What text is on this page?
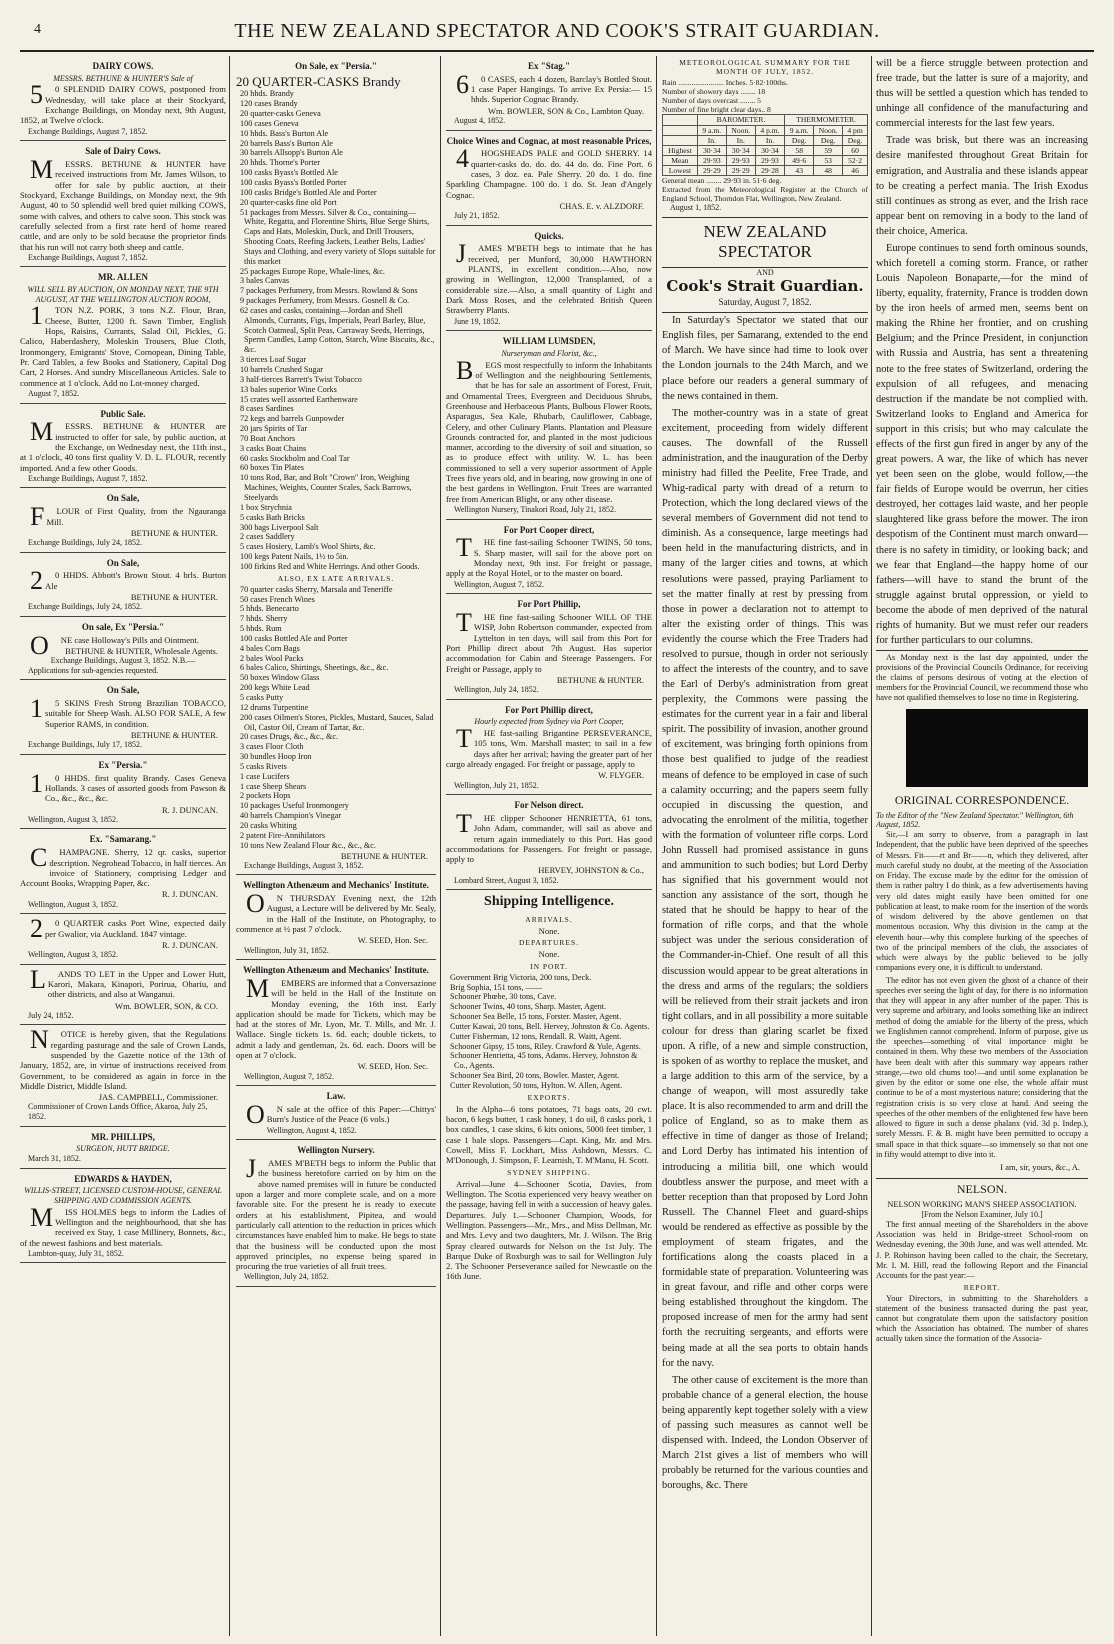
4	THE NEW ZEALAND SPECTATOR AND COOK'S STRAIT GUARDIAN.
DAIRY COWS.
MESSRS. BETHUNE & HUNTER'S Sale of
50 SPLENDID DAIRY COWS, postponed from Wednesday, will take place at their Stockyard, Exchange Buildings, on Monday next, 9th August, 1852, at Twelve o'clock.
Exchange Buildings, August 7, 1852.
Sale of Dairy Cows.
MESSRS. BETHUNE & HUNTER have received instructions from Mr. James Wilson, to offer for sale by public auction, at their Stockyard, Exchange Buildings, on Monday next, the 9th August, 40 to 50 splendid well bred quiet milking COWS, some with calves, and others to calve soon. This stock was carefully selected from a first rate herd of home reared cattle, and are only to be sold because the proprietor finds that his run will not carry both sheep and cattle.
Exchange Buildings, August 7, 1852.
MR. ALLEN
WILL SELL BY AUCTION, ON MONDAY NEXT, THE 9TH AUGUST, AT THE WELLINGTON AUCTION ROOM,
1TON N.Z. PORK, 3 tons N.Z. Flour, Bran, Cheese, Butter, 1200 ft. Sawn Timber, English Hops, Raisins, Currants, Salad Oil, Pickles, G. Calico, Haberdashery, Moleskin Trousers, Blue Cloth, Ironmongery, Emigrants' Stove, Cornopean, Dining Table, Pr. Card Tables, a few Books and Stationery, Capital Dog Cart, 2 Horses. And sundry Miscellaneous Articles. Sale to commence at 1 o'clock. Add no Lot-money charged.
August 7, 1852.
Public Sale.
MESSRS. BETHUNE & HUNTER are instructed to offer for sale, by public auction, at the Exchange, on Wednesday next, the 11th inst., at 1 o'clock, 40 tons first quality V. D. L. FLOUR, recently imported. And a few other Goods.
Exchange Buildings, August 7, 1852.
On Sale,
FLOUR of First Quality, from the Ngauranga Mill.
BETHUNE & HUNTER.
Exchange Buildings, July 24, 1852.
On Sale,
20 HHDS. Abbott's Brown Stout. 4 brls. Burton Ale
BETHUNE & HUNTER.
Exchange Buildings, July 24, 1852.
On sale, Ex "Persia."
ONE case Holloway's Pills and Ointment.
BETHUNE & HUNTER, Wholesale Agents.
Exchange Buildings, August 3, 1852. N.B.—Applications for sub-agencies requested.
On Sale,
15 SKINS Fresh Strong Brazilian TOBACCO, suitable for Sheep Wash. ALSO FOR SALE, A few Superior RAMS, in condition.
BETHUNE & HUNTER.
Exchange Buildings, July 17, 1852.
Ex "Persia."
10 HHDS. first quality Brandy. Cases Geneva Hollands. 3 cases of assorted goods from Pawson & Co., &c., &c., &c.
R. J. DUNCAN.
Wellington, August 3, 1852.
Ex. "Samarang."
CHAMPAGNE. Sherry, 12 qr. casks, superior description. Negrohead Tobacco, in half tierces. An invoice of Stationery, comprising Ledger and Account Books, Wrapping Paper, &c.
R. J. DUNCAN.
Wellington, August 3, 1852.
20 QUARTER casks Port Wine, expected daily per Gwalior, via Auckland. 1847 vintage.
R. J. DUNCAN.
Wellington, August 3, 1852.
LANDS TO LET in the Upper and Lower Hutt, Karori, Makara, Kinapori, Porirua, Ohariu, and other districts, and also at Wanganui.
Wm. BOWLER, SON, & CO.
July 24, 1852.
NOTICE is hereby given, that the Regulations regarding pasturage and the sale of Crown Lands, suspended by the Gazette notice of the 13th of January, 1852, are, in virtue of instructions received from Government, to be considered as again in force in the Middle District, Middle Island.
JAS. CAMPBELL, Commissioner.
Commissioner of Crown Lands Office, Akaroa, July 25, 1852.
MR. PHILLIPS,
SURGEON, HUTT BRIDGE.
March 31, 1852.
EDWARDS & HAYDEN,
WILLIS-STREET, LICENSED CUSTOM-HOUSE, GENERAL SHIPPING AND COMMISSION AGENTS.
MISS HOLMES begs to inform the Ladies of Wellington and the neighbourhood, that she has received ex Stay, 1 case Millinery, Bonnets, &c., of the newest fashions and best materials.
Lambton-quay, July 31, 1852.
On Sale, ex "Persia."
20 QUARTER-CASKS Brandy
20 hhds. Brandy
120 cases Brandy
20 quarter-casks Geneva
100 cases Geneva
10 hhds. Bass's Burton Ale
20 barrels Bass's Burton Ale
30 barrels Allsopp's Burton Ale
20 hhds. Thorne's Porter
100 casks Byass's Bottled Ale
100 casks Byass's Bottled Porter
100 casks Bridge's Bottled Ale and Porter
20 quarter-casks fine old Port
51 packages from Messrs. Silver & Co., containing—White, Regatta, and Florentine Shirts, Blue Serge Shirts, Caps and Hats, Moleskin, Duck, and Drill Trousers, Shooting Coats, Reefing Jackets, Leather Belts, Ladies' Stays and Clothing, and every variety of Slops suitable for this market
25 packages Europe Rope, Whale-lines, &c.
3 bales Canvas
7 packages Perfumery, from Messrs. Rowland & Sons
9 packages Perfumery, from Messrs. Gosnell & Co.
62 cases and casks, containing—Jordan and Shell Almonds, Currants, Figs, Imperials, Pearl Barley, Blue, Scotch Oatmeal, Split Peas, Carraway Seeds, Herrings, Sperm Candles, Lamp Cotton, Starch, Wine Biscuits, &c., &c.
3 tierces Loaf Sugar
10 barrels Crushed Sugar
3 half-tierces Barrett's Twist Tobacco
13 bales superior Wine Corks
15 crates well assorted Earthenware
8 cases Sardines
72 kegs and barrels Gunpowder
20 jars Spirits of Tar
70 Boat Anchors
3 casks Boat Chains
60 casks Stockholm and Coal Tar
60 boxes Tin Plates
10 tons Rod, Bar, and Bolt "Crown" Iron, Weighing Machines, Weights, Counter Scales, Sack Barrows, Steelyards
1 box Strychnia
5 casks Bath Bricks
300 bags Liverpool Salt
2 cases Saddlery
5 cases Hosiery, Lamb's Wool Shirts, &c.
100 kegs Patent Nails, 1½ to 5in.
100 firkins Red and White Herrings. And other Goods.
ALSO, EX LATE ARRIVALS.
70 quarter casks Sherry, Marsala and Teneriffe
50 cases French Wines
5 hhds. Benecarto
7 hhds. Sherry
5 hhds. Rum
100 casks Bottled Ale and Porter
4 bales Corn Bags
2 bales Wool Packs
6 bales Calico, Shirtings, Sheetings, &c., &c.
50 boxes Window Glass
200 kegs White Lead
5 casks Putty
12 drums Turpentine
200 cases Oilmen's Stores, Pickles, Mustard, Sauces, Salad Oil, Castor Oil, Cream of Tartar, &c.
20 cases Drugs, &c., &c., &c.
3 cases Floor Cloth
30 bundles Hoop Iron
5 casks Rivets
1 case Lucifers
1 case Sheep Shears
2 pockets Hops
10 packages Useful Ironmongery
40 barrels Champion's Vinegar
20 casks Whiting
2 patent Fire-Annihilators
10 tons New Zealand Flour &c., &c., &c.
BETHUNE & HUNTER.
Exchange Buildings, August 3, 1852.
Wellington Athenæum and Mechanics' Institute.
ON THURSDAY Evening next, the 12th August, a Lecture will be delivered by Mr. Sealy, in the Hall of the Institute, on Photography, to commence at ½ past 7 o'clock.
W. SEED, Hon. Sec.
Wellington, July 31, 1852.
Wellington Athenæum and Mechanics' Institute.
MEMBERS are informed that a Conversazione will be held in the Hall of the Institute on Monday evening, the 16th inst. Early application should be made for Tickets, which may be had at the stores of Mr. Lyon, Mr. T. Mills, and Mr. J. Wallace. Single tickets 1s. 6d. each; double tickets, to admit a lady and gentleman, 2s. 6d. each. Doors will be open at 7 o'clock.
W. SEED, Hon. Sec.
Wellington, August 7, 1852.
Law.
ON sale at the office of this Paper:—Chittys' Burn's Justice of the Peace (6 vols.)
Wellington, August 4, 1852.
Wellington Nursery.
JAMES M'BETH begs to inform the Public that the business heretofore carried on by him on the above named premises will in future be conducted upon a larger and more complete scale, and on a more favorable site. For the present he is ready to execute orders at his establishment, Pipitea, and would particularly call attention to the reduction in prices which circumstances have enabled him to make. He begs to state that the business will be conducted upon the most approved principles, no expense being spared in procuring the true varieties of all fruit trees.
Wellington, July 24, 1852.
Ex "Stag."
60 CASES, each 4 dozen, Barclay's Bottled Stout. 1 case Paper Hangings. To arrive Ex Persia:— 15 hhds. Superior Cognac Brandy.
Wm. BOWLER, SON & Co., Lambton Quay.
August 4, 1852.
Choice Wines and Cognac, at most reasonable Prices,
4HOGSHEADS PALE and GOLD SHERRY. 14 quarter-casks do. do. do. 44 do. do. Fine Port. 6 cases, 3 doz. ea. Pale Sherry. 20 do. 1 do. fine Sparkling Champagne. 100 do. 1 do. St. Jean d'Angely Cognac.
CHAS. E. v. ALZDORF.
July 21, 1852.
Quicks.
JAMES M'BETH begs to intimate that he has received, per Munford, 30,000 HAWTHORN PLANTS, in excellent condition.—Also, now growing in Wellington, 12,000 Transplanted, of a considerable size.—Also, a small quantity of Light and Dark Moss Roses, and the celebrated British Queen Strawberry Plants.
June 19, 1852.
WILLIAM LUMSDEN,
Nurseryman and Florist, &c.,
BEGS most respectfully to inform the Inhabitants of Wellington and the neighbouring Settlements, that he has for sale an assortment of Forest, Fruit, and Ornamental Trees, Evergreen and Deciduous Shrubs, Greenhouse and Herbaceous Plants, Bulbous Flower Roots, Asparagus, Sea Kale, Rhubarb, Cauliflower, Cabbage, Celery, and other Culinary Plants. Plantation and Pleasure Grounds contracted for, and planted in the most judicious manner, according to the diversity of soil and situation, so as to produce effect with utility. W. L. has been commissioned to sell a very superior assortment of Apple Trees five years old, and in bearing, now growing in one of the best gardens in Wellington. Fruit Trees are warranted free from American Blight, or any other disease.
Wellington Nursery, Tinakori Road, July 21, 1852.
For Port Cooper direct,
THE fine fast-sailing Schooner TWINS, 50 tons, S. Sharp master, will sail for the above port on Monday next, 9th inst. For freight or passage, apply at the Royal Hotel, or to the master on board.
Wellington, August 7, 1852.
For Port Phillip,
THE fine fast-sailing Schooner WILL OF THE WISP, John Robertson commander, expected from Lyttelton in ten days, will sail from this Port for Port Phillip direct about 7th August. Has superior accommodation for Cabin and Steerage Passengers. For Freight or Passage, apply to
BETHUNE & HUNTER.
Wellington, July 24, 1852.
For Port Phillip direct,
Hourly expected from Sydney via Port Cooper,
THE fast-sailing Brigantine PERSEVERANCE, 105 tons, Wm. Marshall master; to sail in a few days after her arrival; having the greater part of her cargo already engaged. For freight or passage, apply to
W. FLYGER.
Wellington, July 21, 1852.
For Nelson direct.
THE clipper Schooner HENRIETTA, 61 tons, John Adam, commander, will sail as above and return again immediately to this Port. Has good accommodations for Passengers. For freight or passage, apply to
HERVEY, JOHNSTON & Co.,
Lombard Street, August 3, 1852.
Shipping Intelligence.
ARRIVALS.
None.
DEPARTURES.
None.
IN PORT.
Government Brig Victoria, 200 tons, Deck.
Brig Sophia, 151 tons, ——
Schooner Phœbe, 30 tons, Cave.
Schooner Twins, 40 tons, Sharp. Master, Agent.
Schooner Sea Belle, 15 tons, Forster. Master, Agent.
Cutter Kawai, 20 tons, Bell. Hervey, Johnston & Co. Agents.
Cutter Fisherman, 12 tons, Rendall. R. Waitt, Agent.
Schooner Gipsy, 15 tons, Riley. Crawford & Yule, Agents.
Schooner Henrietta, 45 tons, Adams. Hervey, Johnston & Co., Agents.
Schooner Sea Bird, 20 tons, Bowler. Master, Agent.
Cutter Revolution, 50 tons, Hylton. W. Allen, Agent.
EXPORTS.
In the Alpha—6 tons potatoes, 71 bags oats, 20 cwt. bacon, 6 kegs butter, 1 cask honey, 1 do oil, 8 casks pork, 1 box candles, 1 case skins, 6 kits onions, 5000 feet timber, 1 case 1 bale slops. Passengers—Capt. King, Mr. and Mrs. Cowell, Miss F. Lockhart, Miss Ashdown, Messrs. C. M'Donough, J. Simpson, F. Learnish, T. M'Manu, H. Scott.
SYDNEY SHIPPING.
Arrival—June 4—Schooner Scotia, Davies, from Wellington. The Scotia experienced very heavy weather on the passage, having fell in with a succession of heavy gales. Departures. July 1.—Schooner Champion, Woods, for Wellington. Passengers—Mr., Mrs., and Miss Dellman, Mr. and Mrs. Levy and two daughters, Mr. J. Wilson. The Brig Spray cleared outwards for Nelson on the 1st July. The Barque Duke of Roxburgh was to sail for Wellington July 2. The Schooner Perseverance sailed for Newcastle on the 16th June.
METEOROLOGICAL SUMMARY FOR THE MONTH OF JULY, 1852.
Rain ........................ Inches. 5·82·100ths.
Number of showery days ........ 18
Number of days overcast ........ 5
Number of fine bright clear days.. 8
	BAROMETER.			THERMOMETER.		
	9 a.m.	Noon.	4 p.m.	9 a.m.	Noon.	4 pm
	In.	In.	In.	Deg.	Deg.	Deg.
Highest	30·34	30·34	30·34	58	59	60
Mean	29·93	29·93	29·93	49·6	53	52·2
Lowest	29·29	29·29	29·28	43	48	46
General mean ........ 29·93 in. 51·6 deg.
Extracted from the Meteorological Register at the Church of England School, Thorndon Flat, Wellington, New Zealand.
August 1, 1852.
NEW ZEALAND SPECTATOR
AND
Cook's Strait Guardian.
Saturday, August 7, 1852.

In Saturday's Spectator we stated that our English files, per Samarang, extended to the end of March. We have since had time to look over the London journals to the 24th March, and we place before our readers a general summary of the news contained in them.

The mother-country was in a state of great excitement, proceeding from widely different causes. The downfall of the Russell administration, and the inauguration of the Derby ministry had filled the Peelite, Free Trade, and Whig-radical party with dread of a return to Protection, which the long declared views of the several members of Government did not tend to diminish. As a consequence, large meetings had been held in the manufacturing districts, and in many of the larger cities and towns, at which resolutions were passed, praying Parliament to set the matter finally at rest by pressing from those in power a declaration not to attempt to alter the existing order of things. This was evidently the course which the Free Traders had resolved to pursue, though in order not seriously to affect the interests of the country, and to save the Earl of Derby's administration from great perplexity, the Commons were passing the estimates for the current year in a fair and liberal spirit. The possibility of invasion, another ground of excitement, was bringing forth opinions from those best qualified to judge of the readiest means of defence to be employed in case of such a calamity occurring; and the papers seem fully occupied in discussing the question, and advocating the enrolment of the militia, together with the formation of volunteer rifle corps. Lord John Russell had promised assistance in guns and ammunition to such bodies; but Lord Derby has signified that his government would not sanction any assistance of the sort, though he stated that he should be happy to hear of the formation of rifle corps, and that the whole subject was under the serious consideration of the Commander-in-Chief. One result of all this discussion would appear to be great alterations in the dress and arms of the regulars; the soldiers will be relieved from their strait jackets and iron tight collars, and in all possibility a more suitable colour for dress than glaring scarlet be fixed upon. A rifle, of a new and simple construction, is spoken of as worthy to replace the musket, and a large addition to this arm of the service, by a change of weapon, will most assuredly take place. It is also recommended to arm and drill the police of England, so as to make them as effective in time of danger as those of Ireland; and Lord Derby has intimated his intention of introducing a militia bill, one which would doubtless answer the purpose, and meet with a better reception than that proposed by Lord John Russell. The Channel Fleet and guard-ships would be rendered as effective as possible by the employment of steam frigates, and the fortifications along the coasts placed in a formidable state of preparation. Volunteering was in great favour, and rifle and other corps were being established throughout the kingdom. The proposed increase of men for the army had sent forth the recruiting sergeants, and efforts were being made at all the sea ports to obtain hands for the navy.

The other cause of excitement is the more than probable chance of a general election, the house being apparently kept together solely with a view of passing such measures as cannot well be dispensed with. Indeed, the London Observer of March 21st gives a list of members who will probably be returned for the various counties and boroughs, &c. There

will be a fierce struggle between protection and free trade, but the latter is sure of a majority, and thus will be settled a question which has tended to unhinge all confidence of the manufacturing and commercial interests for the last few years.

Trade was brisk, but there was an increasing desire manifested throughout Great Britain for emigration, and Australia and these islands appear to be creating a perfect mania. The Irish Exodus still continues as strong as ever, and the Irish race appear bent on removing in a body to the land of their choice, America.

Europe continues to send forth ominous sounds, which foretell a coming storm. France, or rather Louis Napoleon Bonaparte,—for the mind of liberty, equality, fraternity, France is trodden down by the iron heels of armed men, seems bent on making the Rhine her frontier, and on crushing Belgium; and the Prince President, in conjunction with Russia and Austria, has sent a threatening note to the free states of Switzerland, ordering the expulsion of all refugees, and menacing destruction if the mandate be not complied with. Switzerland looks to England and America for support in this crisis; but who may calculate the effects of the first gun fired in anger by any of the great powers. A war, the like of which has never yet been seen on the globe, would follow,—the fair fields of Europe would be overrun, her cities destroyed, her cottages laid waste, and her people slaughtered like grass before the mower. The iron despotism of the Continent must march onward—there is no safety in timidity, or looking back; and we fear that England—the happy home of our fathers—will have to stand the brunt of the struggle against brutal oppression, or yield to become the abode of men deprived of the natural rights of humanity. But we must refer our readers for further particulars to our columns.

As Monday next is the last day appointed, under the provisions of the Provincial Councils Ordinance, for receiving the claims of persons desirous of voting at the election of members for the Provincial Council, we recommend those who have not qualified themselves to lose no time in Registering.
ORIGINAL CORRESPONDENCE.
To the Editor of the "New Zealand Spectator." Wellington, 6th August, 1852.

Sir,—I am sorry to observe, from a paragraph in last Independent, that the public have been deprived of the speeches of Messrs. Fit——rt and Br——n, which they delivered, after much careful study no doubt, at the meeting of the Association on Friday. The excuse made by the editor for the omission of them is rather paltry I do think, as a few advertisements having very old dates might easily have been omitted for one publication at least, to make room for the insertion of the words of wisdom delivered by the above gentlemen on that momentous occasion. Why this division in the camp at the eleventh hour—why this complete burking of the speeches of two of the principal members of the club, the associates of which were always by the public believed to be jolly companions every one, it is difficult to understand.

The editor has not even given the ghost of a chance of their speeches ever seeing the light of day, for there is no information that they will appear in any after number of the paper. This is very supreme and arbitrary, and looks something like an indirect method of doing the amiable for the liberty of the press, which we Englishmen cannot comprehend. Inform of purpose, give us the speeches—something of vital importance might be contained in them. Why these two members of the Association have been dealt with after this summary way appears rather strange,—two old chums too!—and until some explanation be given by the editor or some one else, the whole affair must continue to be of a most mysterious nature; considering that the registration crisis is so very close at hand. And seeing the speeches of the other members of the enlightened few have been allowed to figure in such a dense phalanx (vid. 3d p. Indep.), surely Messrs. F. & B. might have been permitted to occupy a small space in that thick square—so immensely so that not one in fifty would attempt to dive into it.

I am, sir, yours, &c., A.
NELSON.
NELSON WORKING MAN'S SHEEP ASSOCIATION.
[From the Nelson Examiner, July 10.]
The first annual meeting of the Shareholders in the above Association was held in Bridge-street School-room on Wednesday evening, the 30th June, and was well attended. Mr. J. P. Robinson having been called to the chair, the Secretary, Mr. I. M. Hill, read the following Report and the Financial Accounts for the past year:—
REPORT.
Your Directors, in submitting to the Shareholders a statement of the business transacted during the past year, cannot but congratulate them upon the satisfactory position which the Association has obtained. The number of shares actually taken since the formation of the Associa-
